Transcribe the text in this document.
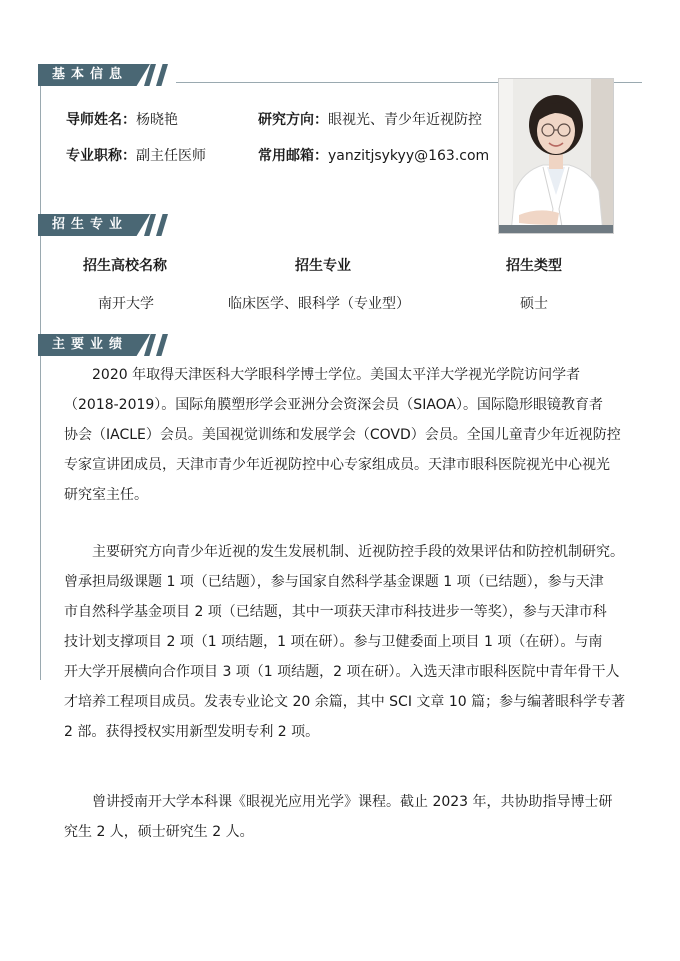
基本信息
导师姓名：杨晓艳	研究方向：眼视光、青少年近视防控
专业职称：副主任医师	常用邮箱：yanzitjsykyy@163.com
招生专业
招生高校名称	招生专业	招生类型
南开大学	临床医学、眼科学（专业型）	硕士
主要业绩
2020 年取得天津医科大学眼科学博士学位。美国太平洋大学视光学院访问学者
（2018-2019）。国际角膜塑形学会亚洲分会资深会员（SIAOA）。国际隐形眼镜教育者
协会（IACLE）会员。美国视觉训练和发展学会（COVD）会员。全国儿童青少年近视防控
专家宣讲团成员，天津市青少年近视防控中心专家组成员。天津市眼科医院视光中心视光
研究室主任。
主要研究方向青少年近视的发生发展机制、近视防控手段的效果评估和防控机制研究。
曾承担局级课题 1 项（已结题），参与国家自然科学基金课题 1 项（已结题），参与天津
市自然科学基金项目 2 项（已结题，其中一项获天津市科技进步一等奖），参与天津市科
技计划支撑项目 2 项（1 项结题，1 项在研）。参与卫健委面上项目 1 项（在研）。与南
开大学开展横向合作项目 3 项（1 项结题，2 项在研）。入选天津市眼科医院中青年骨干人
才培养工程项目成员。发表专业论文 20 余篇，其中 SCI 文章 10 篇；参与编著眼科学专著
2 部。获得授权实用新型发明专利 2 项。
曾讲授南开大学本科课《眼视光应用光学》课程。截止 2023 年，共协助指导博士研
究生 2 人，硕士研究生 2 人。
